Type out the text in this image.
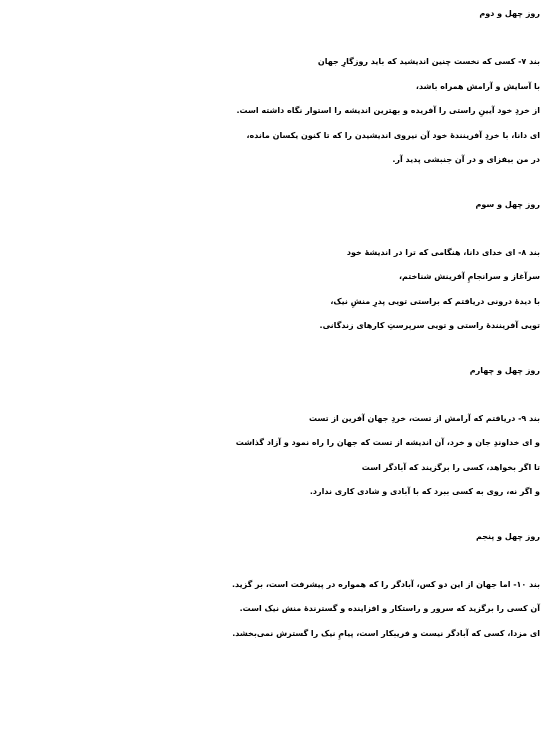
روز چهل و دوم

بند ۷- کسی که نخست چنین اندیشید که باید روزگارِ جهان
با آسایش و آرامش همراه باشد،
از خردِ خود آیینِ راستی را آفریده و بهترین اندیشه را استوار نگاه داشته است.
ای دانا، با خردِ آفرینندۀ خود آن نیروی اندیشیدن را که تا کنون یکسان مانده،
در من بیفزای و در آن جنبشی پدید آر.

روز چهل و سوم

بند ۸- ای خدای دانا، هنگامی که ترا در اندیشۀ خود
سرآغاز و سرانجامِ آفرینش شناختم،
با دیدۀ درونی دریافتم که براستی تویی پدرِ منشِ نیک،
تویی آفرینندۀ راستی و تویی سرپرستِ کارهای زندگانی.

روز چهل و چهارم

بند ۹- دریافتم که آرامش از تست، خردِ جهان آفرین از تست
و ای خداوندِ جان و خرد، آن اندیشه از تست که جهان را راه نمود و آزاد گذاشت
تا اگر بخواهد، کسی را برگزیند که آبادگر است
و اگر نه، روی به کسی ببرد که با آبادی و شادی کاری ندارد.

روز چهل و پنجم

بند ۱۰- اما جهان از این دو کس، آبادگر را که همواره در پیشرفت است، بر گزید.
آن کسی را برگزید که سرور و راستکار و افزاینده و گسترندۀ منش نیک است.
ای مزدا، کسی که آبادگر نیست و فریبکار است، پیامِ نیک را گسترش نمی‌بخشد.
